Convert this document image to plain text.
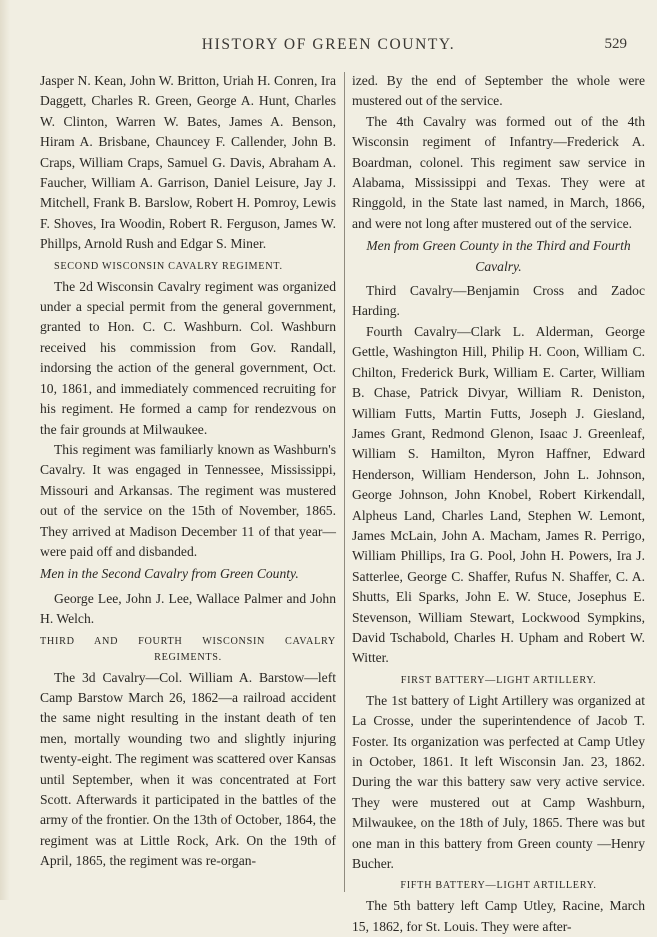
HISTORY OF GREEN COUNTY.	529

Jasper N. Kean, John W. Britton, Uriah H. Conren, Ira Daggett, Charles R. Green, George A. Hunt, Charles W. Clinton, Warren W. Bates, James A. Benson, Hiram A. Brisbane, Chauncey F. Callender, John B. Craps, William Craps, Samuel G. Davis, Abraham A. Faucher, William A. Garrison, Daniel Leisure, Jay J. Mitchell, Frank B. Barslow, Robert H. Pomroy, Lewis F. Shoves, Ira Woodin, Robert R. Ferguson, James W. Phillps, Arnold Rush and Edgar S. Miner.

SECOND WISCONSIN CAVALRY REGIMENT.

The 2d Wisconsin Cavalry regiment was organized under a special permit from the general government, granted to Hon. C. C. Washburn. Col. Washburn received his commission from Gov. Randall, indorsing the action of the general government, Oct. 10, 1861, and immediately commenced recruiting for his regiment. He formed a camp for rendezvous on the fair grounds at Milwaukee.

This regiment was familiarly known as Washburn's Cavalry. It was engaged in Tennessee, Mississippi, Missouri and Arkansas. The regiment was mustered out of the service on the 15th of November, 1865. They arrived at Madison December 11 of that year—were paid off and disbanded.

Men in the Second Cavalry from Green County.

George Lee, John J. Lee, Wallace Palmer and John H. Welch.

THIRD AND FOURTH WISCONSIN CAVALRY REGIMENTS.

The 3d Cavalry—Col. William A. Barstow—left Camp Barstow March 26, 1862—a railroad accident the same night resulting in the instant death of ten men, mortally wounding two and slightly injuring twenty-eight. The regiment was scattered over Kansas until September, when it was concentrated at Fort Scott. Afterwards it participated in the battles of the army of the frontier. On the 13th of October, 1864, the regiment was at Little Rock, Ark. On the 19th of April, 1865, the regiment was re-organ-

ized. By the end of September the whole were mustered out of the service.

The 4th Cavalry was formed out of the 4th Wisconsin regiment of Infantry—Frederick A. Boardman, colonel. This regiment saw service in Alabama, Mississippi and Texas. They were at Ringgold, in the State last named, in March, 1866, and were not long after mustered out of the service.

Men from Green County in the Third and Fourth Cavalry.

Third Cavalry—Benjamin Cross and Zadoc Harding.

Fourth Cavalry—Clark L. Alderman, George Gettle, Washington Hill, Philip H. Coon, William C. Chilton, Frederick Burk, William E. Carter, William B. Chase, Patrick Divyar, William R. Deniston, William Futts, Martin Futts, Joseph J. Giesland, James Grant, Redmond Glenon, Isaac J. Greenleaf, William S. Hamilton, Myron Haffner, Edward Henderson, William Henderson, John L. Johnson, George Johnson, John Knobel, Robert Kirkendall, Alpheus Land, Charles Land, Stephen W. Lemont, James McLain, John A. Macham, James R. Perrigo, William Phillips, Ira G. Pool, John H. Powers, Ira J. Satterlee, George C. Shaffer, Rufus N. Shaffer, C. A. Shutts, Eli Sparks, John E. W. Stuce, Josephus E. Stevenson, William Stewart, Lockwood Sympkins, David Tschabold, Charles H. Upham and Robert W. Witter.

FIRST BATTERY—LIGHT ARTILLERY.

The 1st battery of Light Artillery was organized at La Crosse, under the superintendence of Jacob T. Foster. Its organization was perfected at Camp Utley in October, 1861. It left Wisconsin Jan. 23, 1862. During the war this battery saw very active service. They were mustered out at Camp Washburn, Milwaukee, on the 18th of July, 1865. There was but one man in this battery from Green county —Henry Bucher.

FIFTH BATTERY—LIGHT ARTILLERY.

The 5th battery left Camp Utley, Racine, March 15, 1862, for St. Louis. They were after-
